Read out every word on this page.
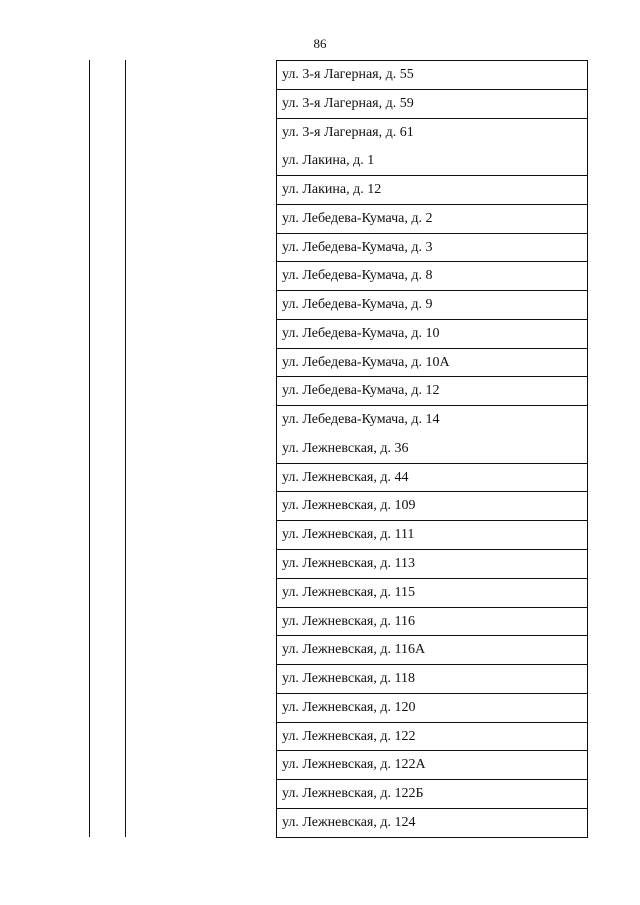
86
ул. 3-я Лагерная, д. 55
ул. 3-я Лагерная, д. 59
ул. 3-я Лагерная, д. 61
ул. Лакина, д. 1
ул. Лакина, д. 12
ул. Лебедева-Кумача, д. 2
ул. Лебедева-Кумача, д. 3
ул. Лебедева-Кумача, д. 8
ул. Лебедева-Кумача, д. 9
ул. Лебедева-Кумача, д. 10
ул. Лебедева-Кумача, д. 10А
ул. Лебедева-Кумача, д. 12
ул. Лебедева-Кумача, д. 14
ул. Лежневская, д. 36
ул. Лежневская, д. 44
ул. Лежневская, д. 109
ул. Лежневская, д. 111
ул. Лежневская, д. 113
ул. Лежневская, д. 115
ул. Лежневская, д. 116
ул. Лежневская, д. 116А
ул. Лежневская, д. 118
ул. Лежневская, д. 120
ул. Лежневская, д. 122
ул. Лежневская, д. 122А
ул. Лежневская, д. 122Б
ул. Лежневская, д. 124
